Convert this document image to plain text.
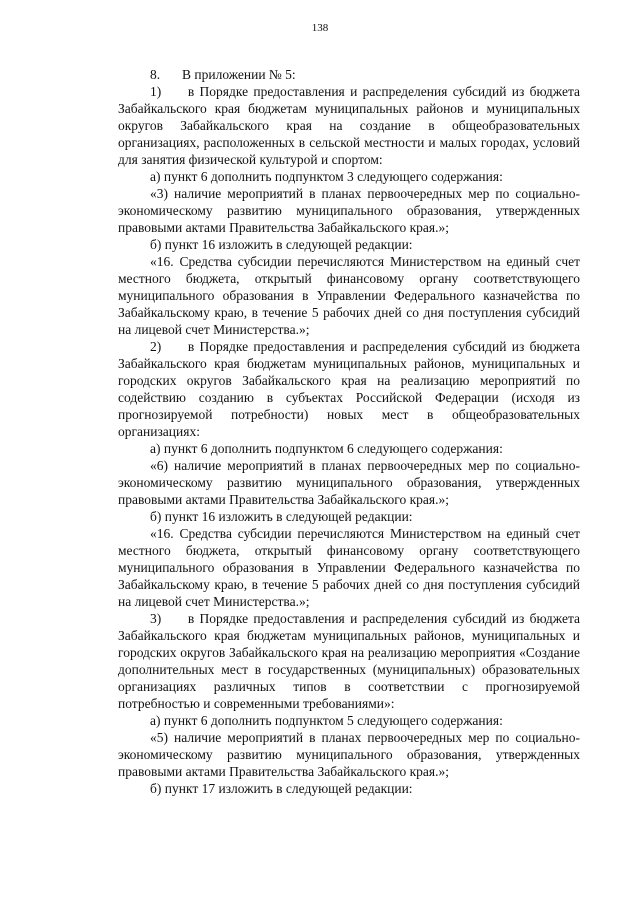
138
8.	В приложении № 5:

1) в Порядке предоставления и распределения субсидий из бюджета Забайкальского края бюджетам муниципальных районов и муниципальных округов Забайкальского края на создание в общеобразовательных организациях, расположенных в сельской местности и малых городах, условий для занятия физической культурой и спортом:

а) пункт 6 дополнить подпунктом 3 следующего содержания:

«3) наличие мероприятий в планах первоочередных мер по социально-экономическому развитию муниципального образования, утвержденных правовыми актами Правительства Забайкальского края.»;

б) пункт 16 изложить в следующей редакции:

«16. Средства субсидии перечисляются Министерством на единый счет местного бюджета, открытый финансовому органу соответствующего муниципального образования в Управлении Федерального казначейства по Забайкальскому краю, в течение 5 рабочих дней со дня поступления субсидий на лицевой счет Министерства.»;

2) в Порядке предоставления и распределения субсидий из бюджета Забайкальского края бюджетам муниципальных районов, муниципальных и городских округов Забайкальского края на реализацию мероприятий по содействию созданию в субъектах Российской Федерации (исходя из прогнозируемой потребности) новых мест в общеобразовательных организациях:

а) пункт 6 дополнить подпунктом 6 следующего содержания:

«6) наличие мероприятий в планах первоочередных мер по социально-экономическому развитию муниципального образования, утвержденных правовыми актами Правительства Забайкальского края.»;

б) пункт 16 изложить в следующей редакции:

«16. Средства субсидии перечисляются Министерством на единый счет местного бюджета, открытый финансовому органу соответствующего муниципального образования в Управлении Федерального казначейства по Забайкальскому краю, в течение 5 рабочих дней со дня поступления субсидий на лицевой счет Министерства.»;

3) в Порядке предоставления и распределения субсидий из бюджета Забайкальского края бюджетам муниципальных районов, муниципальных и городских округов Забайкальского края на реализацию мероприятия «Создание дополнительных мест в государственных (муниципальных) образовательных организациях различных типов в соответствии с прогнозируемой потребностью и современными требованиями»:

а) пункт 6 дополнить подпунктом 5 следующего содержания:

«5) наличие мероприятий в планах первоочередных мер по социально-экономическому развитию муниципального образования, утвержденных правовыми актами Правительства Забайкальского края.»;

б) пункт 17 изложить в следующей редакции:
